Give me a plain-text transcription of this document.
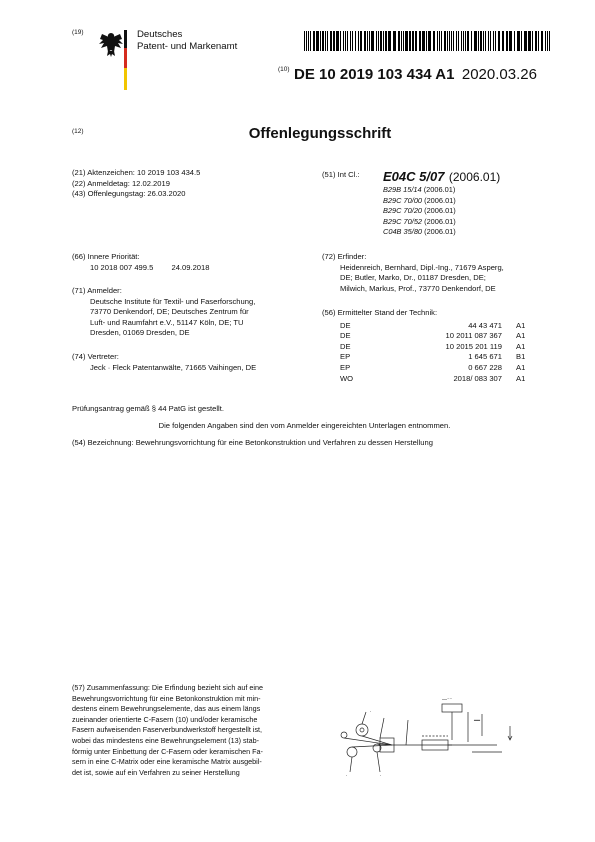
(19)	Deutsches
Patent- und Markenamt
$^{(10)}$ DE 10 2019 103 434 A1 2020.03.26
(12)	Offenlegungsschrift
(21) Aktenzeichen: 10 2019 103 434.5
(22) Anmeldetag: 12.02.2019
(43) Offenlegungstag: 26.03.2020
(51) Int Cl.: E04C 5/07 (2006.01)
B29B 15/14 (2006.01)
B29C 70/00 (2006.01)
B29C 70/20 (2006.01)
B29C 70/52 (2006.01)
C04B 35/80 (2006.01)
(66) Innere Priorität:
10 2018 007 499.5 24.09.2018
(71) Anmelder:
Deutsche Institute für Textil- und Faserforschung,
73770 Denkendorf, DE; Deutsches Zentrum für
Luft- und Raumfahrt e.V., 51147 Köln, DE; TU
Dresden, 01069 Dresden, DE
(74) Vertreter:
Jeck · Fleck Patentanwälte, 71665 Vaihingen, DE
(72) Erfinder:
Heidenreich, Bernhard, Dipl.-Ing., 71679 Asperg,
DE; Butler, Marko, Dr., 01187 Dresden, DE;
Milwich, Markus, Prof., 73770 Denkendorf, DE
(56) Ermittelter Stand der Technik:
DE	44 43 471	A1
DE	10 2011 087 367	A1
DE	10 2015 201 119	A1
EP	1 645 671	B1
EP	0 667 228	A1
WO	2018/ 083 307	A1
Prüfungsantrag gemäß § 44 PatG ist gestellt.
Die folgenden Angaben sind den vom Anmelder eingereichten Unterlagen entnommen.
(54) Bezeichnung: Bewehrungsvorrichtung für eine Betonkonstruktion und Verfahren zu dessen Herstellung
(57) Zusammenfassung: Die Erfindung bezieht sich auf eine
Bewehrungsvorrichtung für eine Betonkonstruktion mit min-
destens einem Bewehrungselemente, das aus einem längs
zueinander orientierte C-Fasern (10) und/oder keramische
Fasern aufweisenden Faserverbundwerkstoff hergestellt ist,
wobei das mindestens eine Bewehrungselement (13) stab-
förmig unter Einbettung der C-Fasern oder keramischen Fa-
sern in eine C-Matrix oder eine keramische Matrix ausgebil-
det ist, sowie auf ein Verfahren zu seiner Herstellung
.
―⁻⁻
━━
.	.
